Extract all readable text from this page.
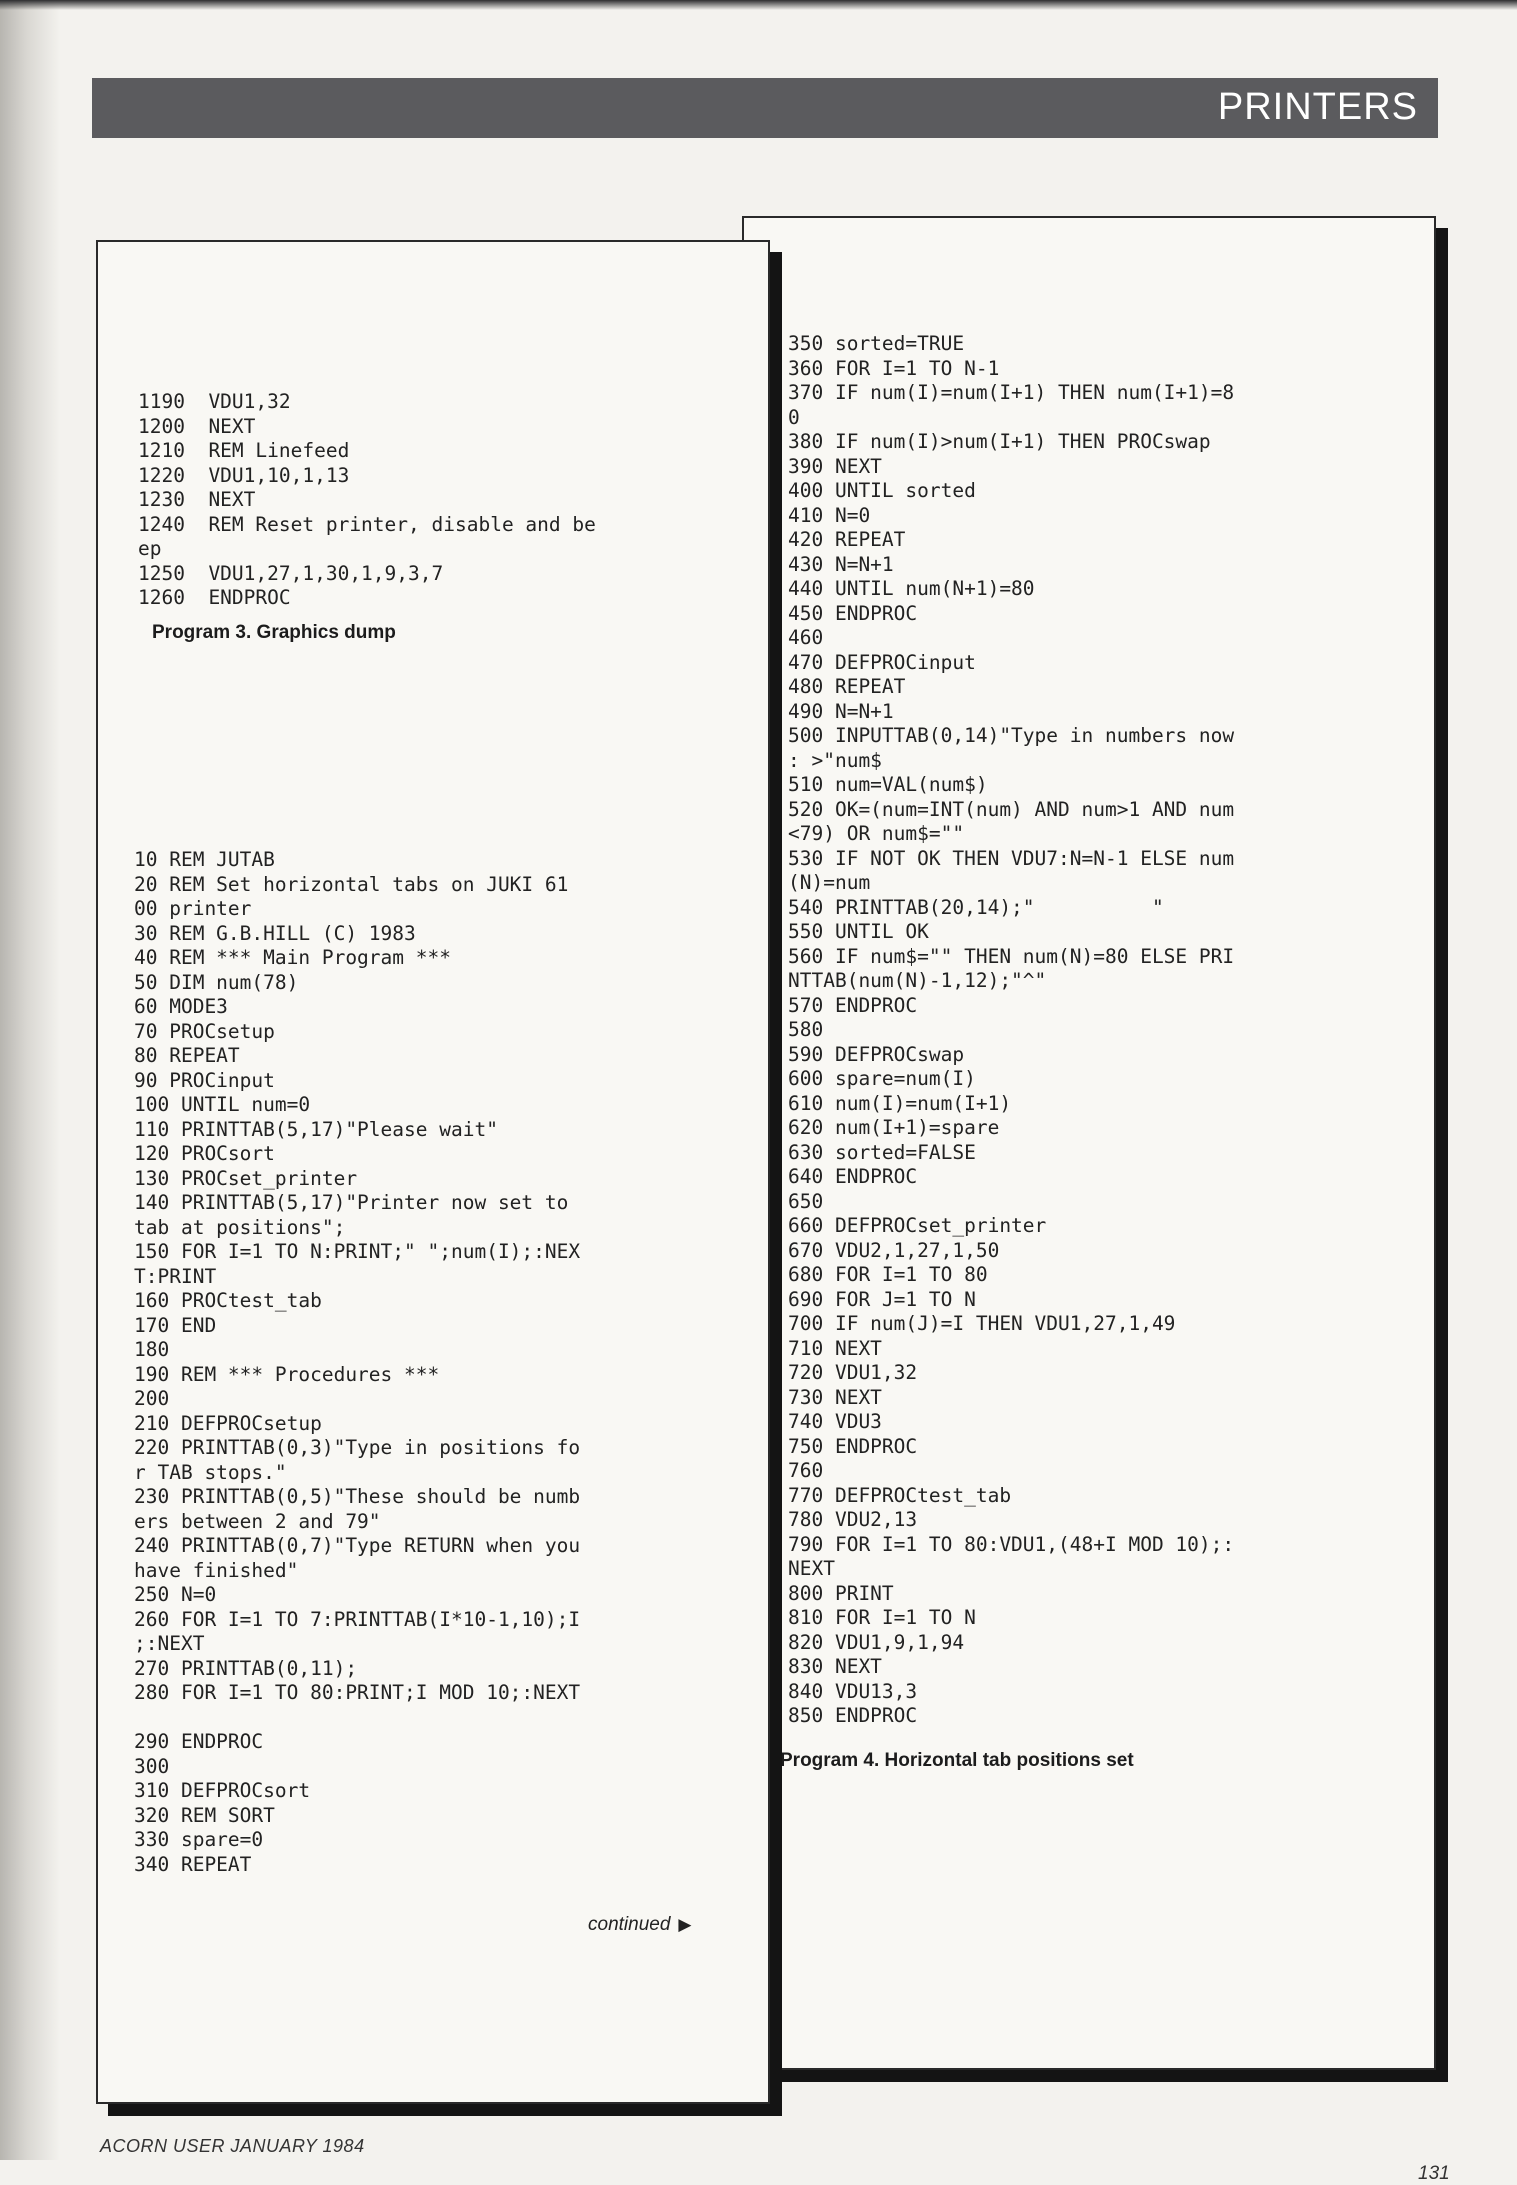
PRINTERS
350 sorted=TRUE
360 FOR I=1 TO N-1
370 IF num(I)=num(I+1) THEN num(I+1)=8
0
380 IF num(I)>num(I+1) THEN PROCswap
390 NEXT
400 UNTIL sorted
410 N=0
420 REPEAT
430 N=N+1
440 UNTIL num(N+1)=80
450 ENDPROC
460
470 DEFPROCinput
480 REPEAT
490 N=N+1
500 INPUTTAB(0,14)"Type in numbers now
: >"num$
510 num=VAL(num$)
520 OK=(num=INT(num) AND num>1 AND num
<79) OR num$=""
530 IF NOT OK THEN VDU7:N=N-1 ELSE num
(N)=num
540 PRINTTAB(20,14);"          "
550 UNTIL OK
560 IF num$="" THEN num(N)=80 ELSE PRI
NTTAB(num(N)-1,12);"^"
570 ENDPROC
580
590 DEFPROCswap
600 spare=num(I)
610 num(I)=num(I+1)
620 num(I+1)=spare
630 sorted=FALSE
640 ENDPROC
650
660 DEFPROCset_printer
670 VDU2,1,27,1,50
680 FOR I=1 TO 80
690 FOR J=1 TO N
700 IF num(J)=I THEN VDU1,27,1,49
710 NEXT
720 VDU1,32
730 NEXT
740 VDU3
750 ENDPROC
760
770 DEFPROCtest_tab
780 VDU2,13
790 FOR I=1 TO 80:VDU1,(48+I MOD 10);:
NEXT
800 PRINT
810 FOR I=1 TO N
820 VDU1,9,1,94
830 NEXT
840 VDU13,3
850 ENDPROC
Program 4. Horizontal tab positions set
1190  VDU1,32
1200  NEXT
1210  REM Linefeed
1220  VDU1,10,1,13
1230  NEXT
1240  REM Reset printer, disable and be
ep
1250  VDU1,27,1,30,1,9,3,7
1260  ENDPROC
Program 3. Graphics dump
10 REM JUTAB
20 REM Set horizontal tabs on JUKI 61
00 printer
30 REM G.B.HILL (C) 1983
40 REM *** Main Program ***
50 DIM num(78)
60 MODE3
70 PROCsetup
80 REPEAT
90 PROCinput
100 UNTIL num=0
110 PRINTTAB(5,17)"Please wait"
120 PROCsort
130 PROCset_printer
140 PRINTTAB(5,17)"Printer now set to
tab at positions";
150 FOR I=1 TO N:PRINT;" ";num(I);:NEX
T:PRINT
160 PROCtest_tab
170 END
180
190 REM *** Procedures ***
200
210 DEFPROCsetup
220 PRINTTAB(0,3)"Type in positions fo
r TAB stops."
230 PRINTTAB(0,5)"These should be numb
ers between 2 and 79"
240 PRINTTAB(0,7)"Type RETURN when you
have finished"
250 N=0
260 FOR I=1 TO 7:PRINTTAB(I*10-1,10);I
;:NEXT
270 PRINTTAB(0,11);
280 FOR I=1 TO 80:PRINT;I MOD 10;:NEXT

290 ENDPROC
300
310 DEFPROCsort
320 REM SORT
330 spare=0
340 REPEAT
continued ▶
ACORN USER JANUARY 1984
131
